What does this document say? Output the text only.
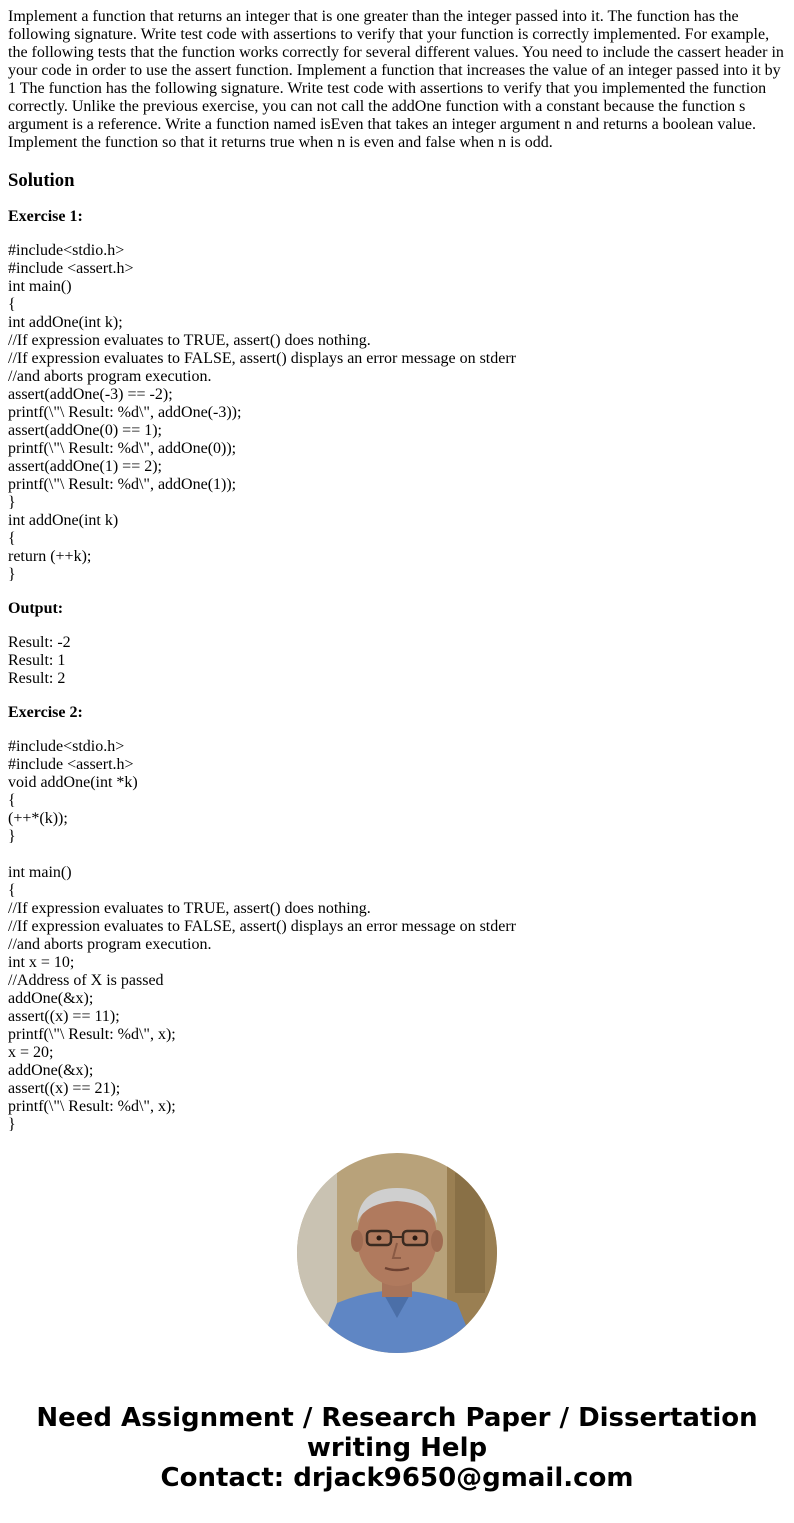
Implement a function that returns an integer that is one greater than the integer passed into it. The function has the following signature. Write test code with assertions to verify that your function is correctly implemented. For example, the following tests that the function works correctly for several different values. You need to include the cassert header in your code in order to use the assert function. Implement a function that increases the value of an integer passed into it by 1 The function has the following signature. Write test code with assertions to verify that you implemented the function correctly. Unlike the previous exercise, you can not call the addOne function with a constant because the function s argument is a reference. Write a function named isEven that takes an integer argument n and returns a boolean value. Implement the function so that it returns true when n is even and false when n is odd.

Solution
Exercise 1:
#include<stdio.h>
#include <assert.h>
int main()
{
int addOne(int k);
//If expression evaluates to TRUE, assert() does nothing.
//If expression evaluates to FALSE, assert() displays an error message on stderr
//and aborts program execution.
assert(addOne(-3) == -2);
printf(\"\ Result: %d\", addOne(-3));
assert(addOne(0) == 1);
printf(\"\ Result: %d\", addOne(0));
assert(addOne(1) == 2);
printf(\"\ Result: %d\", addOne(1));
}
int addOne(int k)
{
return (++k);
}
Output:
Result: -2
Result: 1
Result: 2
Exercise 2:
#include<stdio.h>
#include <assert.h>
void addOne(int *k)
{
(++*(k));
}
int main()
{
//If expression evaluates to TRUE, assert() does nothing.
//If expression evaluates to FALSE, assert() displays an error message on stderr
//and aborts program execution.
int x = 10;
//Address of X is passed
addOne(&x);
assert((x) == 11);
printf(\"\ Result: %d\", x);
x = 20;
addOne(&x);
assert((x) == 21);
printf(\"\ Result: %d\", x);
}
Need Assignment / Research Paper / Dissertation
writing Help
Contact: drjack9650@gmail.com
